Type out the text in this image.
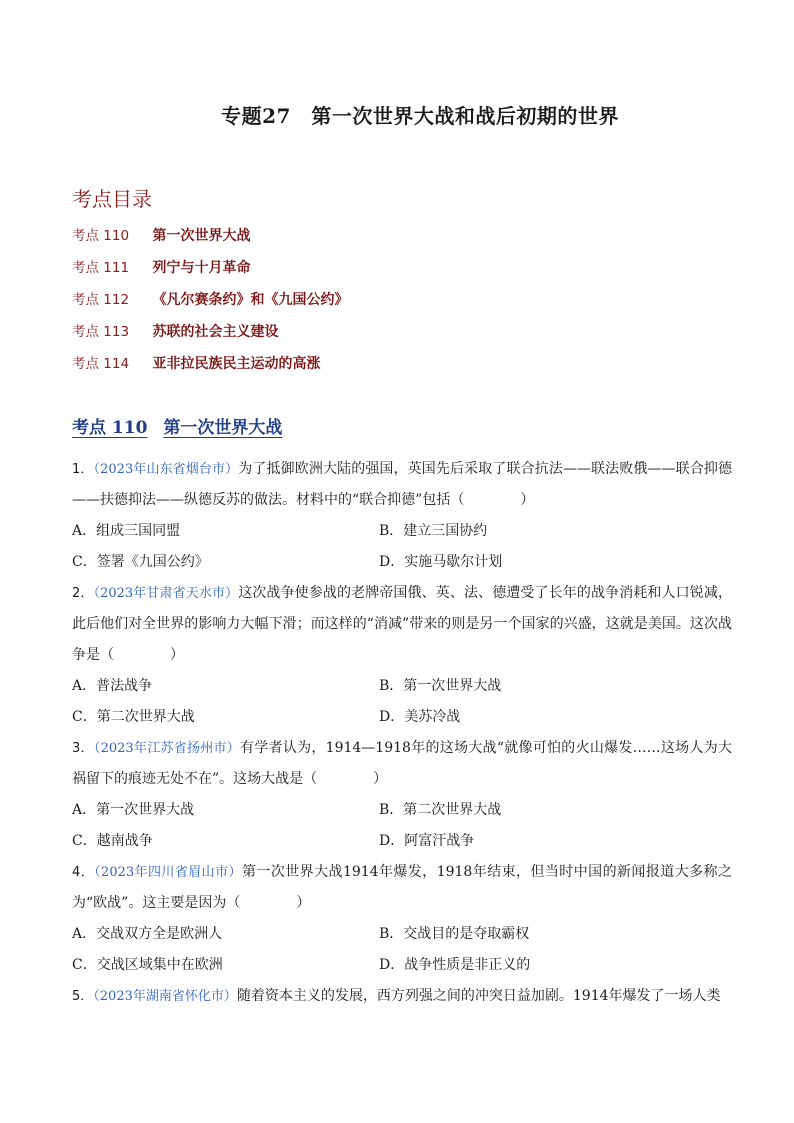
专题27　第一次世界大战和战后初期的世界
考点目录
考点 110 第一次世界大战
考点 111 列宁与十月革命
考点 112 《凡尔赛条约》和《九国公约》
考点 113 苏联的社会主义建设
考点 114 亚非拉民族民主运动的高涨
考点 110 第一次世界大战
1．（2023年山东省烟台市）为了抵御欧洲大陆的强国，英国先后采取了联合抗法——联法败俄——联合抑德——扶德抑法——纵德反苏的做法。材料中的“联合抑德”包括（	）
A．组成三国同盟	B．建立三国协约
C．签署《九国公约》	D．实施马歇尔计划
2．（2023年甘肃省天水市）这次战争使参战的老牌帝国俄、英、法、德遭受了长年的战争消耗和人口锐减，此后他们对全世界的影响力大幅下滑；而这样的“消减”带来的则是另一个国家的兴盛，这就是美国。这次战争是（	）
A．普法战争	B．第一次世界大战
C．第二次世界大战	D．美苏冷战
3．（2023年江苏省扬州市）有学者认为，1914—1918年的这场大战“就像可怕的火山爆发……这场人为大祸留下的痕迹无处不在”。这场大战是（	）
A．第一次世界大战	B．第二次世界大战
C．越南战争	D．阿富汗战争
4．（2023年四川省眉山市）第一次世界大战1914年爆发，1918年结束，但当时中国的新闻报道大多称之为“欧战”。这主要是因为（	）
A．交战双方全是欧洲人	B．交战目的是夺取霸权
C．交战区域集中在欧洲	D．战争性质是非正义的
5．（2023年湖南省怀化市）随着资本主义的发展，西方列强之间的冲突日益加剧。1914年爆发了一场人类
